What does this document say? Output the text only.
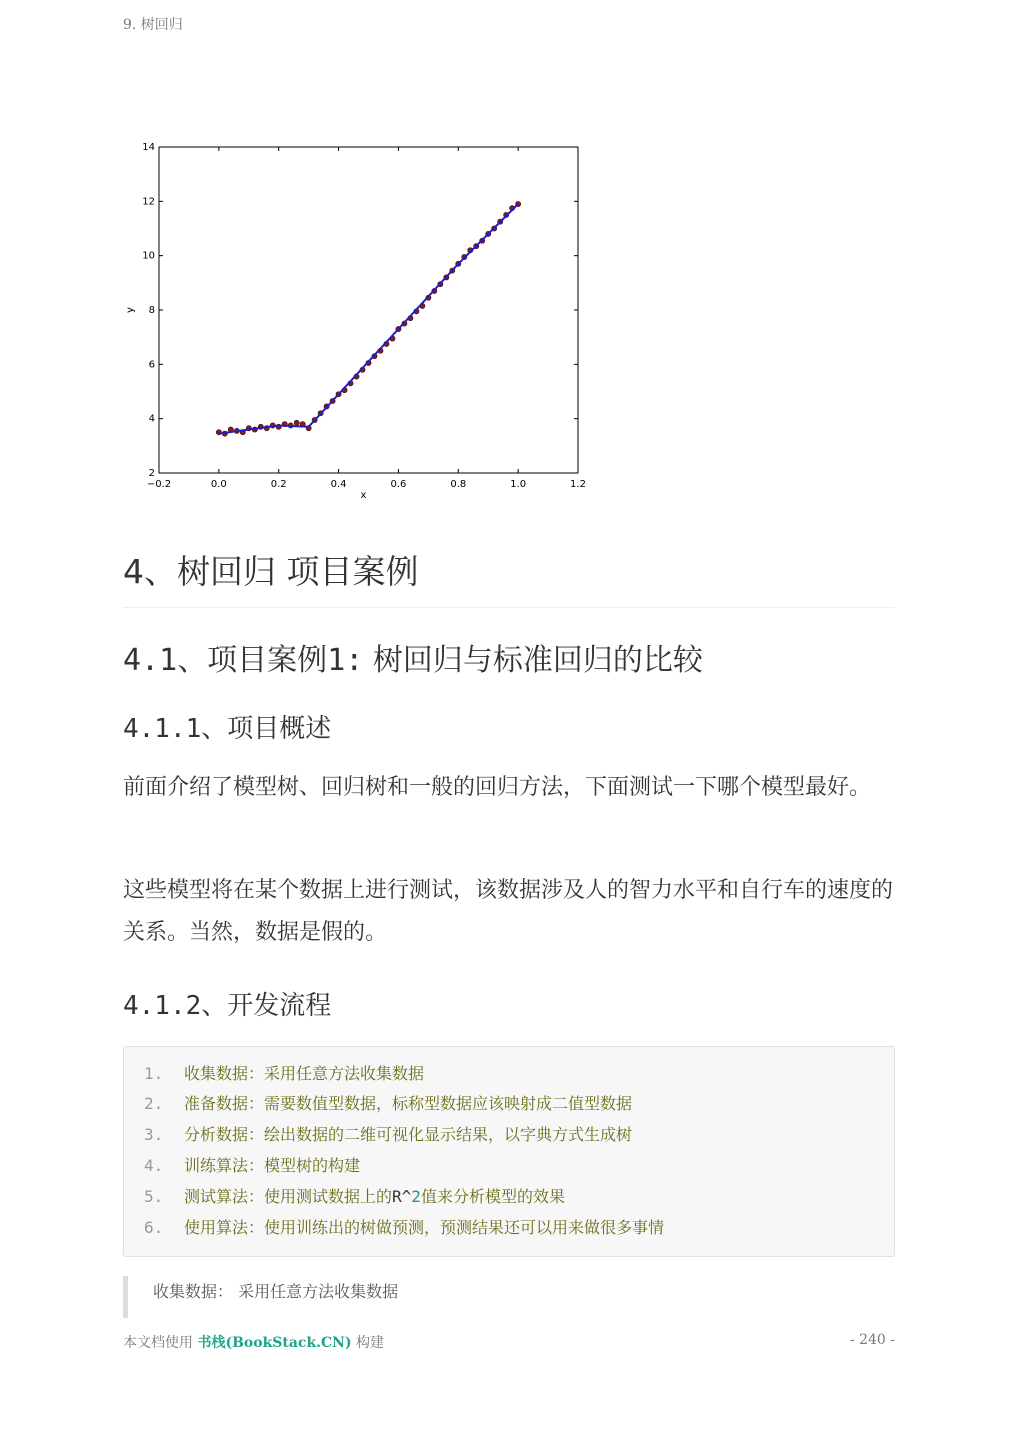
9. 树回归
−0.2	0.0	0.2	0.4	0.6	0.8	1.0	1.2
2
4
6
8
10
12
14
x
y
4、树回归 项目案例
4.1、项目案例1: 树回归与标准回归的比较
4.1.1、项目概述

前面介绍了模型树、回归树和一般的回归方法，下面测试一下哪个模型最好。

这些模型将在某个数据上进行测试，该数据涉及人的智力水平和自行车的速度的关系。当然，数据是假的。

4.1.2、开发流程
1. 收集数据：采用任意方法收集数据
2. 准备数据：需要数值型数据，标称型数据应该映射成二值型数据
3. 分析数据：绘出数据的二维可视化显示结果，以字典方式生成树
4. 训练算法：模型树的构建
5. 测试算法：使用测试数据上的R^2值来分析模型的效果
6. 使用算法：使用训练出的树做预测，预测结果还可以用来做很多事情
收集数据： 采用任意方法收集数据
本文档使用 书栈(BookStack.CN) 构建	- 240 -
